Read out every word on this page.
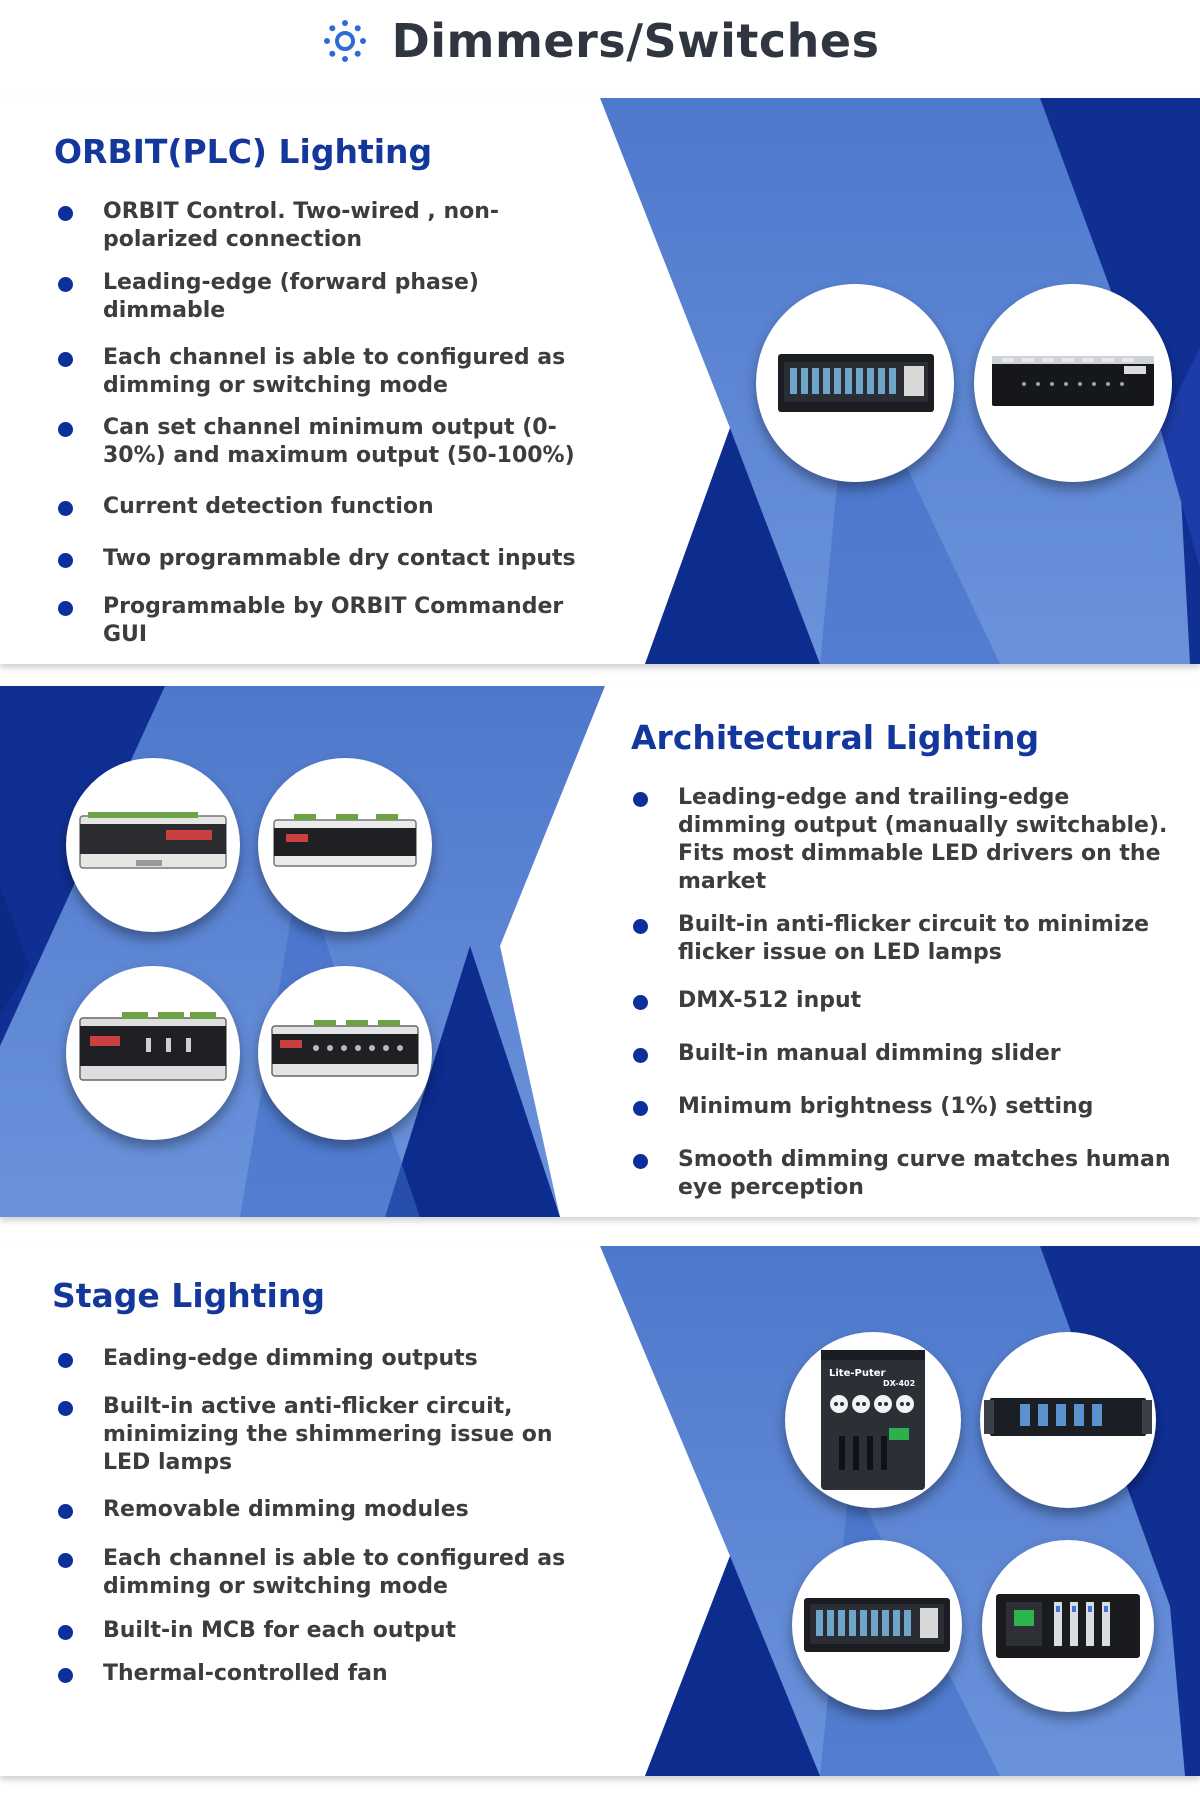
Dimmers/Switches
ORBIT(PLC) Lighting
ORBIT Control. Two-wired , non-polarized connection
Leading-edge (forward phase) dimmable
Each channel is able to configured as dimming or switching mode
Can set channel minimum output (0-30%) and maximum output (50-100%)
Current detection function
Two programmable dry contact inputs
Programmable by ORBIT Commander GUI
Architectural Lighting
Leading-edge and trailing-edge dimming output (manually switchable). Fits most dimmable LED drivers on the market
Built-in anti-flicker circuit to minimize flicker issue on LED lamps
DMX-512 input
Built-in manual dimming slider
Minimum brightness (1%) setting
Smooth dimming curve matches human eye perception
Stage Lighting
Eading-edge dimming outputs
Built-in active anti-flicker circuit, minimizing the shimmering issue on LED lamps
Removable dimming modules
Each channel is able to configured as dimming or switching mode
Built-in MCB for each output
Thermal-controlled fan
Lite-Puter
DX-402
